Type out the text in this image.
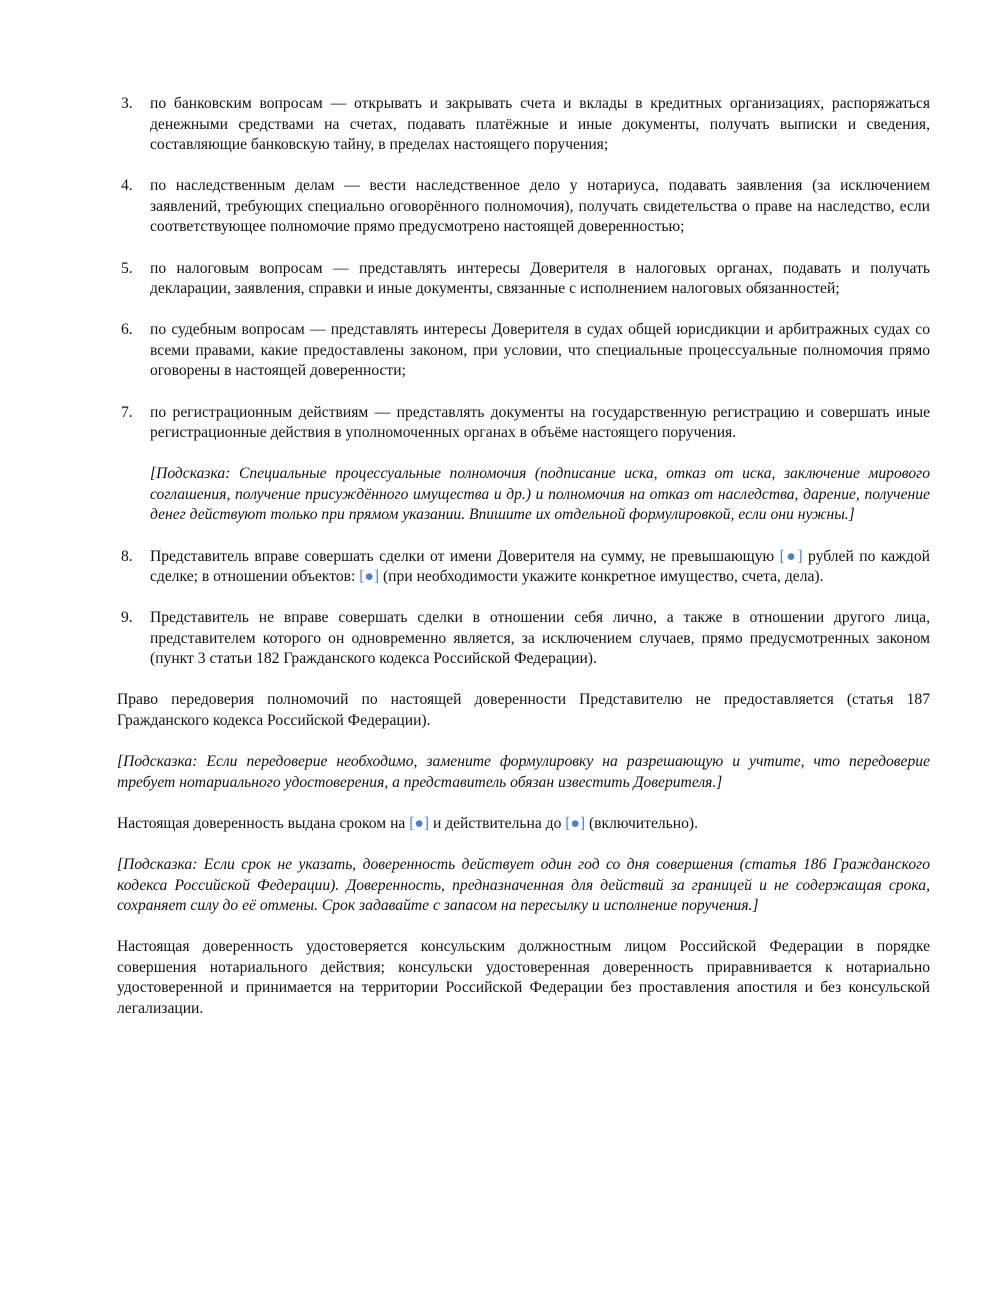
3. по банковским вопросам — открывать и закрывать счета и вклады в кредитных организациях, распоряжаться денежными средствами на счетах, подавать платёжные и иные документы, получать выписки и сведения, составляющие банковскую тайну, в пределах настоящего поручения;
4. по наследственным делам — вести наследственное дело у нотариуса, подавать заявления (за исключением заявлений, требующих специально оговорённого полномочия), получать свидетельства о праве на наследство, если соответствующее полномочие прямо предусмотрено настоящей доверенностью;
5. по налоговым вопросам — представлять интересы Доверителя в налоговых органах, подавать и получать декларации, заявления, справки и иные документы, связанные с исполнением налоговых обязанностей;
6. по судебным вопросам — представлять интересы Доверителя в судах общей юрисдикции и арбитражных судах со всеми правами, какие предоставлены законом, при условии, что специальные процессуальные полномочия прямо оговорены в настоящей доверенности;
7. по регистрационным действиям — представлять документы на государственную регистрацию и совершать иные регистрационные действия в уполномоченных органах в объёме настоящего поручения.
[Подсказка: Специальные процессуальные полномочия (подписание иска, отказ от иска, заключение мирового соглашения, получение присуждённого имущества и др.) и полномочия на отказ от наследства, дарение, получение денег действуют только при прямом указании. Впишите их отдельной формулировкой, если они нужны.]
8. Представитель вправе совершать сделки от имени Доверителя на сумму, не превышающую [●] рублей по каждой сделке; в отношении объектов: [●] (при необходимости укажите конкретное имущество, счета, дела).
9. Представитель не вправе совершать сделки в отношении себя лично, а также в отношении другого лица, представителем которого он одновременно является, за исключением случаев, прямо предусмотренных законом (пункт 3 статьи 182 Гражданского кодекса Российской Федерации).

Право передоверия полномочий по настоящей доверенности Представителю не предоставляется (статья 187 Гражданского кодекса Российской Федерации).

[Подсказка: Если передоверие необходимо, замените формулировку на разрешающую и учтите, что передоверие требует нотариального удостоверения, а представитель обязан известить Доверителя.]

Настоящая доверенность выдана сроком на [●] и действительна до [●] (включительно).

[Подсказка: Если срок не указать, доверенность действует один год со дня совершения (статья 186 Гражданского кодекса Российской Федерации). Доверенность, предназначенная для действий за границей и не содержащая срока, сохраняет силу до её отмены. Срок задавайте с запасом на пересылку и исполнение поручения.]

Настоящая доверенность удостоверяется консульским должностным лицом Российской Федерации в порядке совершения нотариального действия; консульски удостоверенная доверенность приравнивается к нотариально удостоверенной и принимается на территории Российской Федерации без проставления апостиля и без консульской легализации.
